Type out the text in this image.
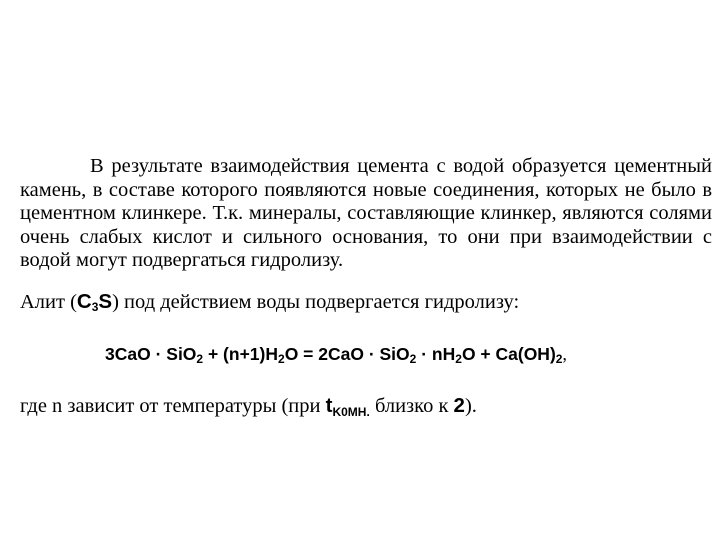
В результате взаимодействия цемента с водой образуется цементный камень, в составе которого появляются новые соединения, которых не было в цементном клинкере. Т.к. минералы, составляющие клинкер, являются солями очень слабых кислот и сильного основания, то они при взаимодействии с водой могут подвергаться гидролизу.

Алит $(C_3S)$ под действием воды подвергается гидролизу:

$3CaO \cdot SiO_2 + (n+1)H_2O = 2CaO \cdot SiO_2 \cdot nH_2O + Ca(OH)_2$,

где n зависит от температуры (при $t_{K0MH.}$ близко к 2).
